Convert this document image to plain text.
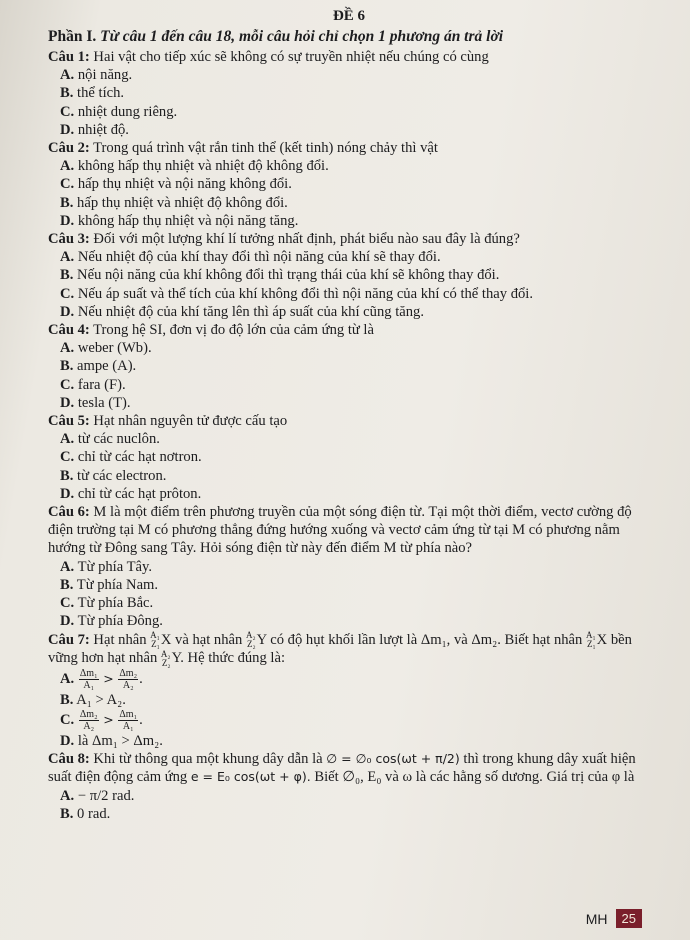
ĐỀ 6

Phần I. Từ câu 1 đến câu 18, mỗi câu hỏi chỉ chọn 1 phương án trả lời

Câu 1: Hai vật cho tiếp xúc sẽ không có sự truyền nhiệt nếu chúng có cùng

A. nội năng.

B. thể tích.

C. nhiệt dung riêng.

D. nhiệt độ.

Câu 2: Trong quá trình vật rắn tinh thể (kết tinh) nóng chảy thì vật

A. không hấp thụ nhiệt và nhiệt độ không đổi.

C. hấp thụ nhiệt và nội năng không đổi.

B. hấp thụ nhiệt và nhiệt độ không đổi.

D. không hấp thụ nhiệt và nội năng tăng.

Câu 3: Đối với một lượng khí lí tưởng nhất định, phát biểu nào sau đây là đúng?

A. Nếu nhiệt độ của khí thay đổi thì nội năng của khí sẽ thay đổi.

B. Nếu nội năng của khí không đổi thì trạng thái của khí sẽ không thay đổi.

C. Nếu áp suất và thể tích của khí không đổi thì nội năng của khí có thể thay đổi.

D. Nếu nhiệt độ của khí tăng lên thì áp suất của khí cũng tăng.

Câu 4: Trong hệ SI, đơn vị đo độ lớn của cảm ứng từ là

A. weber (Wb).

B. ampe (A).

C. fara (F).

D. tesla (T).

Câu 5: Hạt nhân nguyên tử được cấu tạo

A. từ các nuclôn.

C. chỉ từ các hạt nơtron.

B. từ các electron.

D. chỉ từ các hạt prôton.

Câu 6: M là một điểm trên phương truyền của một sóng điện từ. Tại một thời điểm, vectơ cường độ điện trường tại M có phương thẳng đứng hướng xuống và vectơ cảm ứng từ tại M có phương nằm hướng từ Đông sang Tây. Hỏi sóng điện từ này đến điểm M từ phía nào?

A. Từ phía Tây.

B. Từ phía Nam.

C. Từ phía Bắc.

D. Từ phía Đông.

Câu 7: Hạt nhân A₁
Z₁ X và hạt nhân A₂
Z₂ Y có độ hụt khối lần lượt là Δm₁, và Δm₂. Biết hạt nhân A₁
Z₁ X bền vững hơn hạt nhân A₂
Z₂ Y. Hệ thức đúng là:

A. $\frac{\text{Δm₁}}{\text{A₁}} > \frac{\text{Δm₂}}{\text{A₂}}$ .

B. A₁ > A₂.

C. $\frac{\text{Δm₂}}{\text{A₂}} > \frac{\text{Δm₁}}{\text{A₁}}$ .

D. là Δm₁ > Δm₂.

Câu 8: Khi từ thông qua một khung dây dẫn là ∅ = ∅₀ cos(ωt + π/2) thì trong khung dây xuất hiện suất điện động cảm ứng e = E₀ cos(ωt + φ). Biết ∅₀, E₀ và ω là các hằng số dương. Giá trị của φ là

A. − π/2 rad.

B. 0 rad.

MH	25
